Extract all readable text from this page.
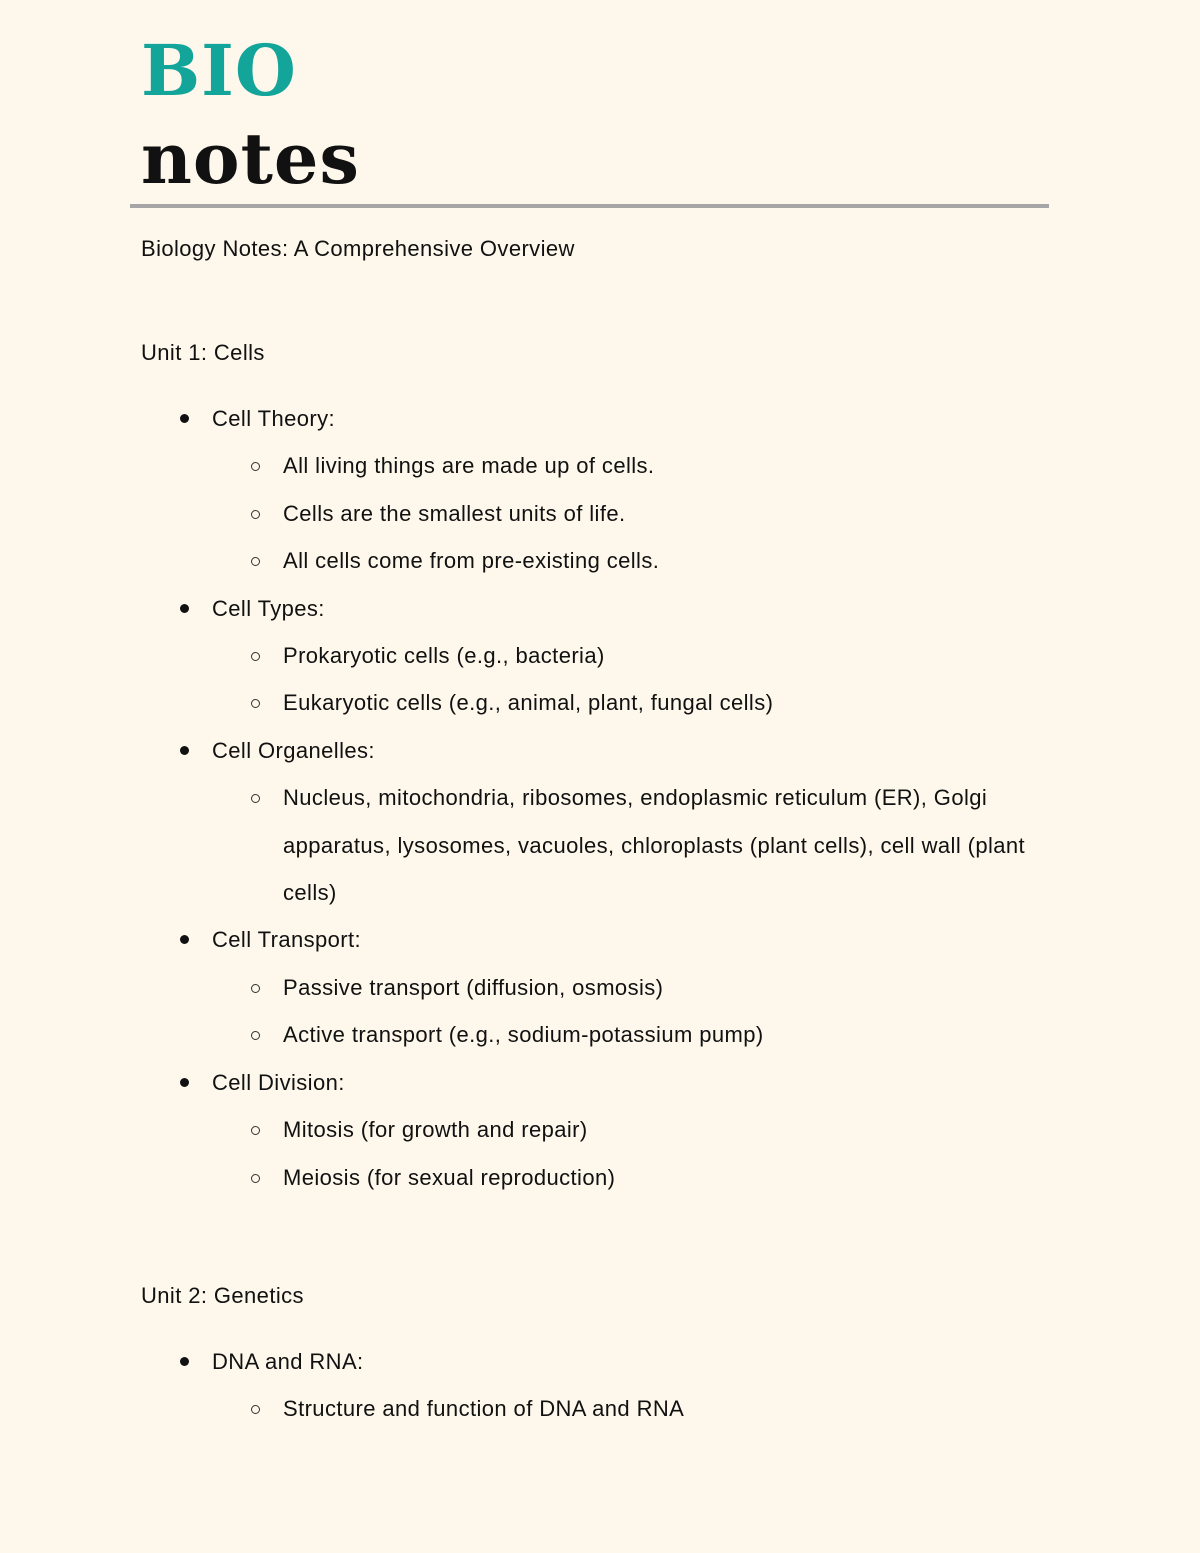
BIO
notes
Biology Notes: A Comprehensive Overview
Unit 1: Cells
Cell Theory:
All living things are made up of cells.
Cells are the smallest units of life.
All cells come from pre-existing cells.
Cell Types:
Prokaryotic cells (e.g., bacteria)
Eukaryotic cells (e.g., animal, plant, fungal cells)
Cell Organelles:
Nucleus, mitochondria, ribosomes, endoplasmic reticulum (ER), Golgi apparatus, lysosomes, vacuoles, chloroplasts (plant cells), cell wall (plant cells)
Cell Transport:
Passive transport (diffusion, osmosis)
Active transport (e.g., sodium-potassium pump)
Cell Division:
Mitosis (for growth and repair)
Meiosis (for sexual reproduction)
Unit 2: Genetics
DNA and RNA:
Structure and function of DNA and RNA
